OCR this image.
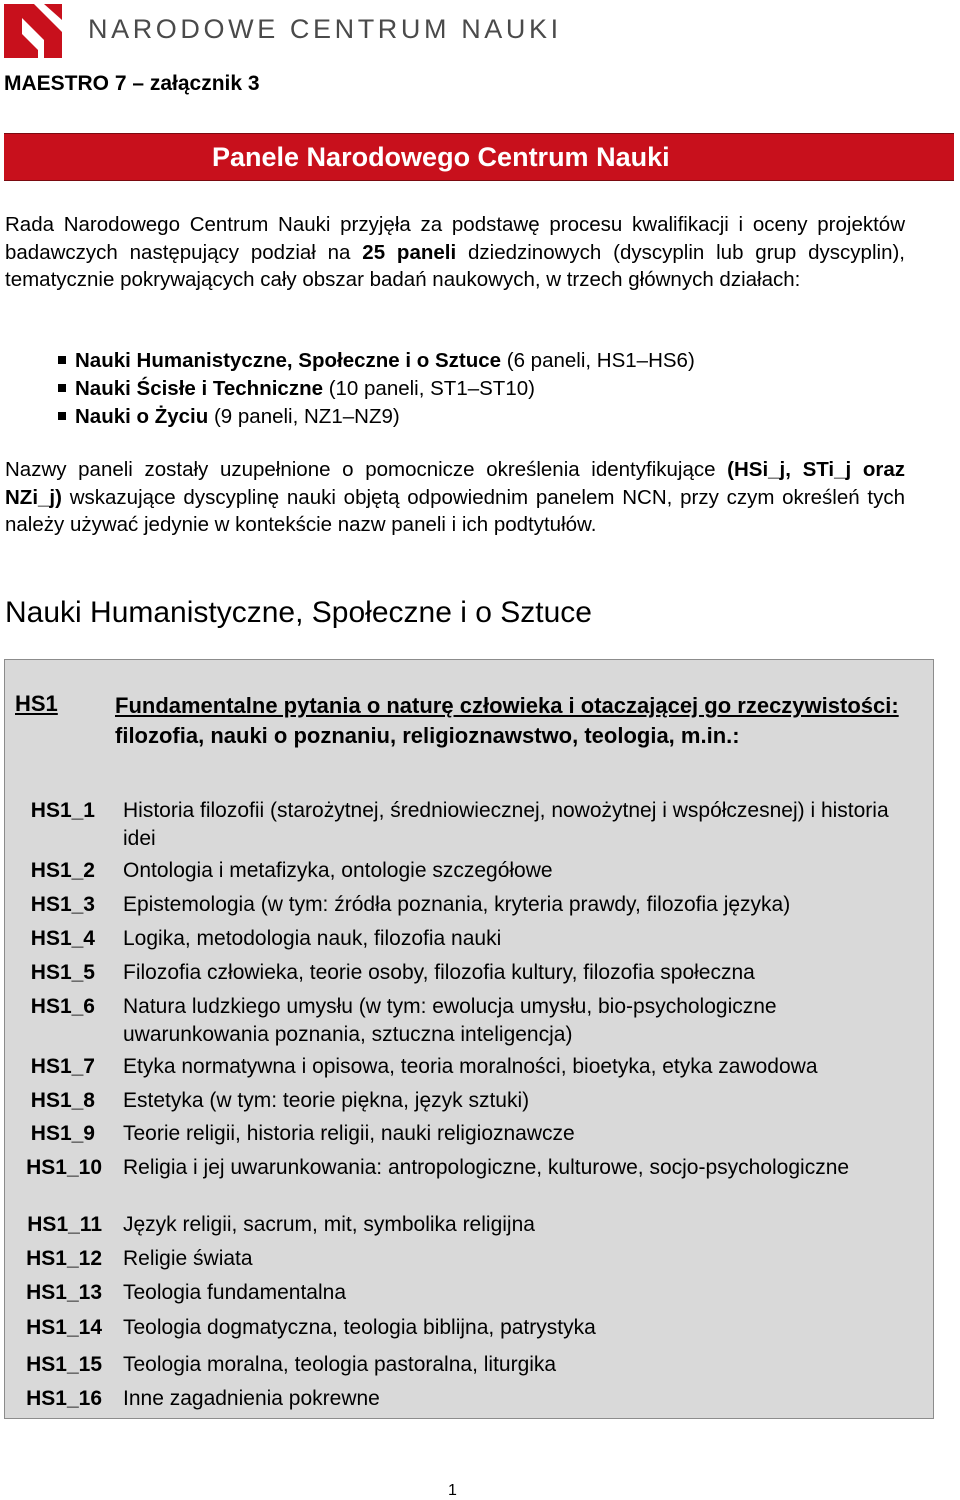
NARODOWE CENTRUM NAUKI
MAESTRO 7 – załącznik 3
Panele Narodowego Centrum Nauki
Rada Narodowego Centrum Nauki przyjęła za podstawę procesu kwalifikacji i oceny projektów badawczych następujący podział na 25 paneli dziedzinowych (dyscyplin lub grup dyscyplin), tematycznie pokrywających cały obszar badań naukowych, w trzech głównych działach:
Nauki Humanistyczne, Społeczne i o Sztuce (6 paneli, HS1–HS6)
Nauki Ścisłe i Techniczne (10 paneli, ST1–ST10)
Nauki o Życiu (9 paneli, NZ1–NZ9)
Nazwy paneli zostały uzupełnione o pomocnicze określenia identyfikujące (HSi_j, STi_j oraz NZi_j) wskazujące dyscyplinę nauki objętą odpowiednim panelem NCN, przy czym określeń tych należy używać jedynie w kontekście nazw paneli i ich podtytułów.
Nauki Humanistyczne, Społeczne i o Sztuce
HS1	Fundamentalne pytania o naturę człowieka i otaczającej go rzeczywistości: filozofia, nauki o poznaniu, religioznawstwo, teologia, m.in.:
HS1_1 Historia filozofii (starożytnej, średniowiecznej, nowożytnej i współczesnej) i historia idei
HS1_2 Ontologia i metafizyka, ontologie szczegółowe
HS1_3 Epistemologia (w tym: źródła poznania, kryteria prawdy, filozofia języka)
HS1_4 Logika, metodologia nauk, filozofia nauki
HS1_5 Filozofia człowieka, teorie osoby, filozofia kultury, filozofia społeczna
HS1_6 Natura ludzkiego umysłu (w tym: ewolucja umysłu, bio-psychologiczne uwarunkowania poznania, sztuczna inteligencja)
HS1_7 Etyka normatywna i opisowa, teoria moralności, bioetyka, etyka zawodowa
HS1_8 Estetyka (w tym: teorie piękna, język sztuki)
HS1_9 Teorie religii, historia religii, nauki religioznawcze
HS1_10 Religia i jej uwarunkowania: antropologiczne, kulturowe, socjo-psychologiczne
HS1_11 Język religii, sacrum, mit, symbolika religijna
HS1_12 Religie świata
HS1_13 Teologia fundamentalna
HS1_14 Teologia dogmatyczna, teologia biblijna, patrystyka
HS1_15 Teologia moralna, teologia pastoralna, liturgika
HS1_16 Inne zagadnienia pokrewne
1
